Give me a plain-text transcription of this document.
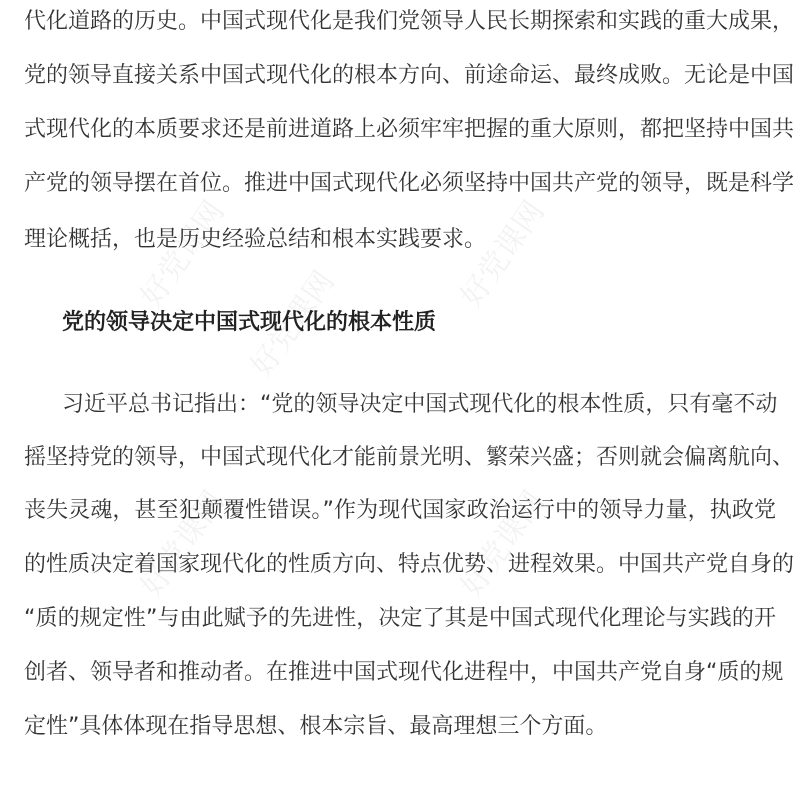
好党课网	好党课网
好党课网
好党课网	好党课网
代化道路的历史。中国式现代化是我们党领导人民长期探索和实践的重大成果，
党的领导直接关系中国式现代化的根本方向、前途命运、最终成败。无论是中国
式现代化的本质要求还是前进道路上必须牢牢把握的重大原则，都把坚持中国共
产党的领导摆在首位。推进中国式现代化必须坚持中国共产党的领导，既是科学
理论概括，也是历史经验总结和根本实践要求。
党的领导决定中国式现代化的根本性质
习近平总书记指出：“党的领导决定中国式现代化的根本性质，只有毫不动
摇坚持党的领导，中国式现代化才能前景光明、繁荣兴盛；否则就会偏离航向、
丧失灵魂，甚至犯颠覆性错误。”作为现代国家政治运行中的领导力量，执政党
的性质决定着国家现代化的性质方向、特点优势、进程效果。中国共产党自身的
“质的规定性”与由此赋予的先进性，决定了其是中国式现代化理论与实践的开
创者、领导者和推动者。在推进中国式现代化进程中，中国共产党自身“质的规
定性”具体体现在指导思想、根本宗旨、最高理想三个方面。
